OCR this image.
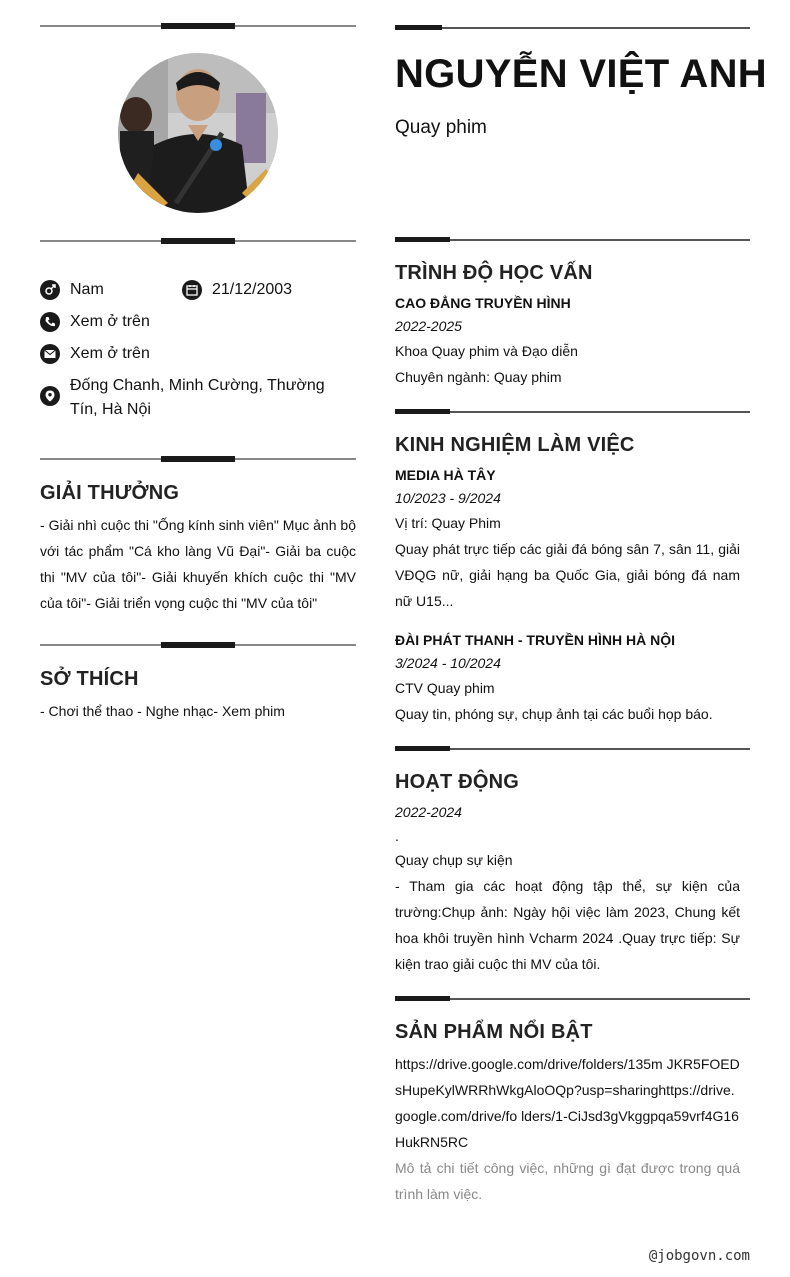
Nam	21/12/2003
Xem ở trên
Xem ở trên
Đống Chanh, Minh Cường, Thường Tín, Hà Nội
GIẢI THƯỞNG
- Giải nhì cuộc thi "Ống kính sinh viên" Mục ảnh bộ với tác phẩm "Cá kho làng Vũ Đại"- Giải ba cuộc thi "MV của tôi"- Giải khuyến khích cuộc thi "MV của tôi"- Giải triển vọng cuộc thi "MV của tôi"
SỞ THÍCH
- Chơi thể thao - Nghe nhạc- Xem phim
NGUYỄN VIỆT ANH
Quay phim
TRÌNH ĐỘ HỌC VẤN
CAO ĐẲNG TRUYỀN HÌNH
2022-2025
Khoa Quay phim và Đạo diễn
Chuyên ngành: Quay phim
KINH NGHIỆM LÀM VIỆC
MEDIA HÀ TÂY
10/2023 - 9/2024
Vị trí: Quay Phim
Quay phát trực tiếp các giải đá bóng sân 7, sân 11, giải VĐQG nữ, giải hạng ba Quốc Gia, giải bóng đá nam nữ U15...
ĐÀI PHÁT THANH - TRUYỀN HÌNH HÀ NỘI
3/2024 - 10/2024
CTV Quay phim
Quay tin, phóng sự, chụp ảnh tại các buổi họp báo.
HOẠT ĐỘNG
2022-2024
.
Quay chụp sự kiện
- Tham gia các hoạt động tập thể, sự kiện của trường:Chụp ảnh: Ngày hội việc làm 2023, Chung kết hoa khôi truyền hình Vcharm 2024 .Quay trực tiếp: Sự kiện trao giải cuộc thi MV của tôi.
SẢN PHẨM NỔI BẬT
https://drive.google.com/drive/folders/135m JKR5FOEDsHupeKylWRRhWkgAloOQp?usp=sharinghttps://drive.google.com/drive/fo lders/1-CiJsd3gVkggpqa59vrf4G16HukRN5RC
Mô tả chi tiết công việc, những gì đạt được trong quá trình làm việc.
@jobgovn.com
